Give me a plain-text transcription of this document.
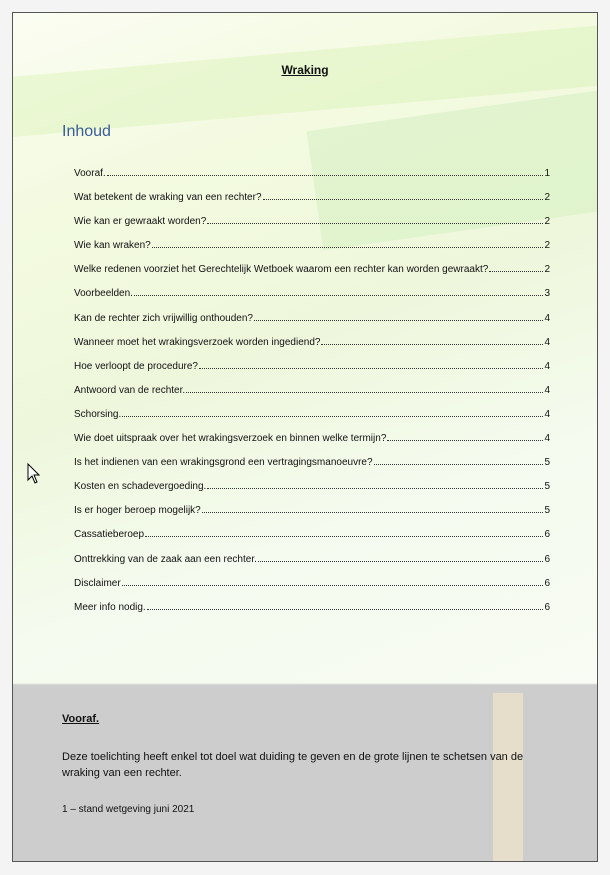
Wraking
Inhoud
Vooraf.	1
Wat betekent de wraking van een rechter?	2
Wie kan er gewraakt worden?	2
Wie kan wraken?	2
Welke redenen voorziet het Gerechtelijk Wetboek waarom een rechter kan worden gewraakt?	2
Voorbeelden.	3
Kan de rechter zich vrijwillig onthouden?	4
Wanneer moet het wrakingsverzoek worden ingediend?	4
Hoe verloopt de procedure?	4
Antwoord van de rechter.	4
Schorsing.	4
Wie doet uitspraak over het wrakingsverzoek en binnen welke termijn?	4
Is het indienen van een wrakingsgrond een vertragingsmanoeuvre?	5
Kosten en schadevergoeding.	5
Is er hoger beroep mogelijk?	5
Cassatieberoep	6
Onttrekking van de zaak aan een rechter.	6
Disclaimer	6
Meer info nodig.	6
Vooraf.
Deze toelichting heeft enkel tot doel wat duiding te geven en de grote lijnen te schetsen van de wraking van een rechter.
1 – stand wetgeving juni 2021
